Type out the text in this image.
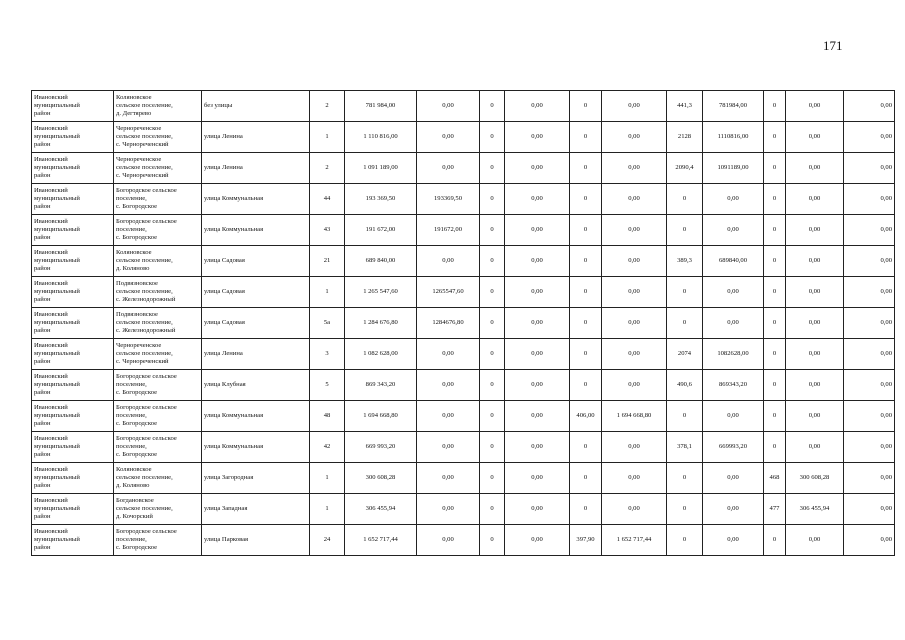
171
Ивановский
муниципальный
район	Коляновское
сельское поселение,
д. Дегтярево	без улицы	2	781 984,00	0,00	0	0,00	0	0,00	441,3	781984,00	0	0,00	0,00
Ивановский
муниципальный
район	Чернореченское
сельское поселение,
с. Чернореченский	улица Ленина	1	1 110 816,00	0,00	0	0,00	0	0,00	2128	1110816,00	0	0,00	0,00
Ивановский
муниципальный
район	Чернореченское
сельское поселение,
с. Чернореченский	улица Ленина	2	1 091 189,00	0,00	0	0,00	0	0,00	2090,4	1091189,00	0	0,00	0,00
Ивановский
муниципальный
район	Богородское сельское
поселение,
с. Богородское	улица Коммунальная	44	193 369,50	193369,50	0	0,00	0	0,00	0	0,00	0	0,00	0,00
Ивановский
муниципальный
район	Богородское сельское
поселение,
с. Богородское	улица Коммунальная	43	191 672,00	191672,00	0	0,00	0	0,00	0	0,00	0	0,00	0,00
Ивановский
муниципальный
район	Коляновское
сельское поселение,
д. Коляново	улица Садовая	21	689 840,00	0,00	0	0,00	0	0,00	389,3	689840,00	0	0,00	0,00
Ивановский
муниципальный
район	Подвязновское
сельское поселение,
с. Железнодорожный	улица Садовая	1	1 265 547,60	1265547,60	0	0,00	0	0,00	0	0,00	0	0,00	0,00
Ивановский
муниципальный
район	Подвязновское
сельское поселение,
с. Железнодорожный	улица Садовая	5а	1 284 676,80	1284676,80	0	0,00	0	0,00	0	0,00	0	0,00	0,00
Ивановский
муниципальный
район	Чернореченское
сельское поселение,
с. Чернореченский	улица Ленина	3	1 082 628,00	0,00	0	0,00	0	0,00	2074	1082628,00	0	0,00	0,00
Ивановский
муниципальный
район	Богородское сельское
поселение,
с. Богородское	улица Клубная	5	869 343,20	0,00	0	0,00	0	0,00	490,6	869343,20	0	0,00	0,00
Ивановский
муниципальный
район	Богородское сельское
поселение,
с. Богородское	улица Коммунальная	48	1 694 668,80	0,00	0	0,00	406,00	1 694 668,80	0	0,00	0	0,00	0,00
Ивановский
муниципальный
район	Богородское сельское
поселение,
с. Богородское	улица Коммунальная	42	669 993,20	0,00	0	0,00	0	0,00	378,1	669993,20	0	0,00	0,00
Ивановский
муниципальный
район	Коляновское
сельское поселение,
д. Коляново	улица Загородная	1	300 608,28	0,00	0	0,00	0	0,00	0	0,00	468	300 608,28	0,00
Ивановский
муниципальный
район	Богдановское
сельское поселение,
д. Кочорский	улица Западная	1	306 455,94	0,00	0	0,00	0	0,00	0	0,00	477	306 455,94	0,00
Ивановский
муниципальный
район	Богородское сельское
поселение,
с. Богородское	улица Парковая	24	1 652 717,44	0,00	0	0,00	397,90	1 652 717,44	0	0,00	0	0,00	0,00
